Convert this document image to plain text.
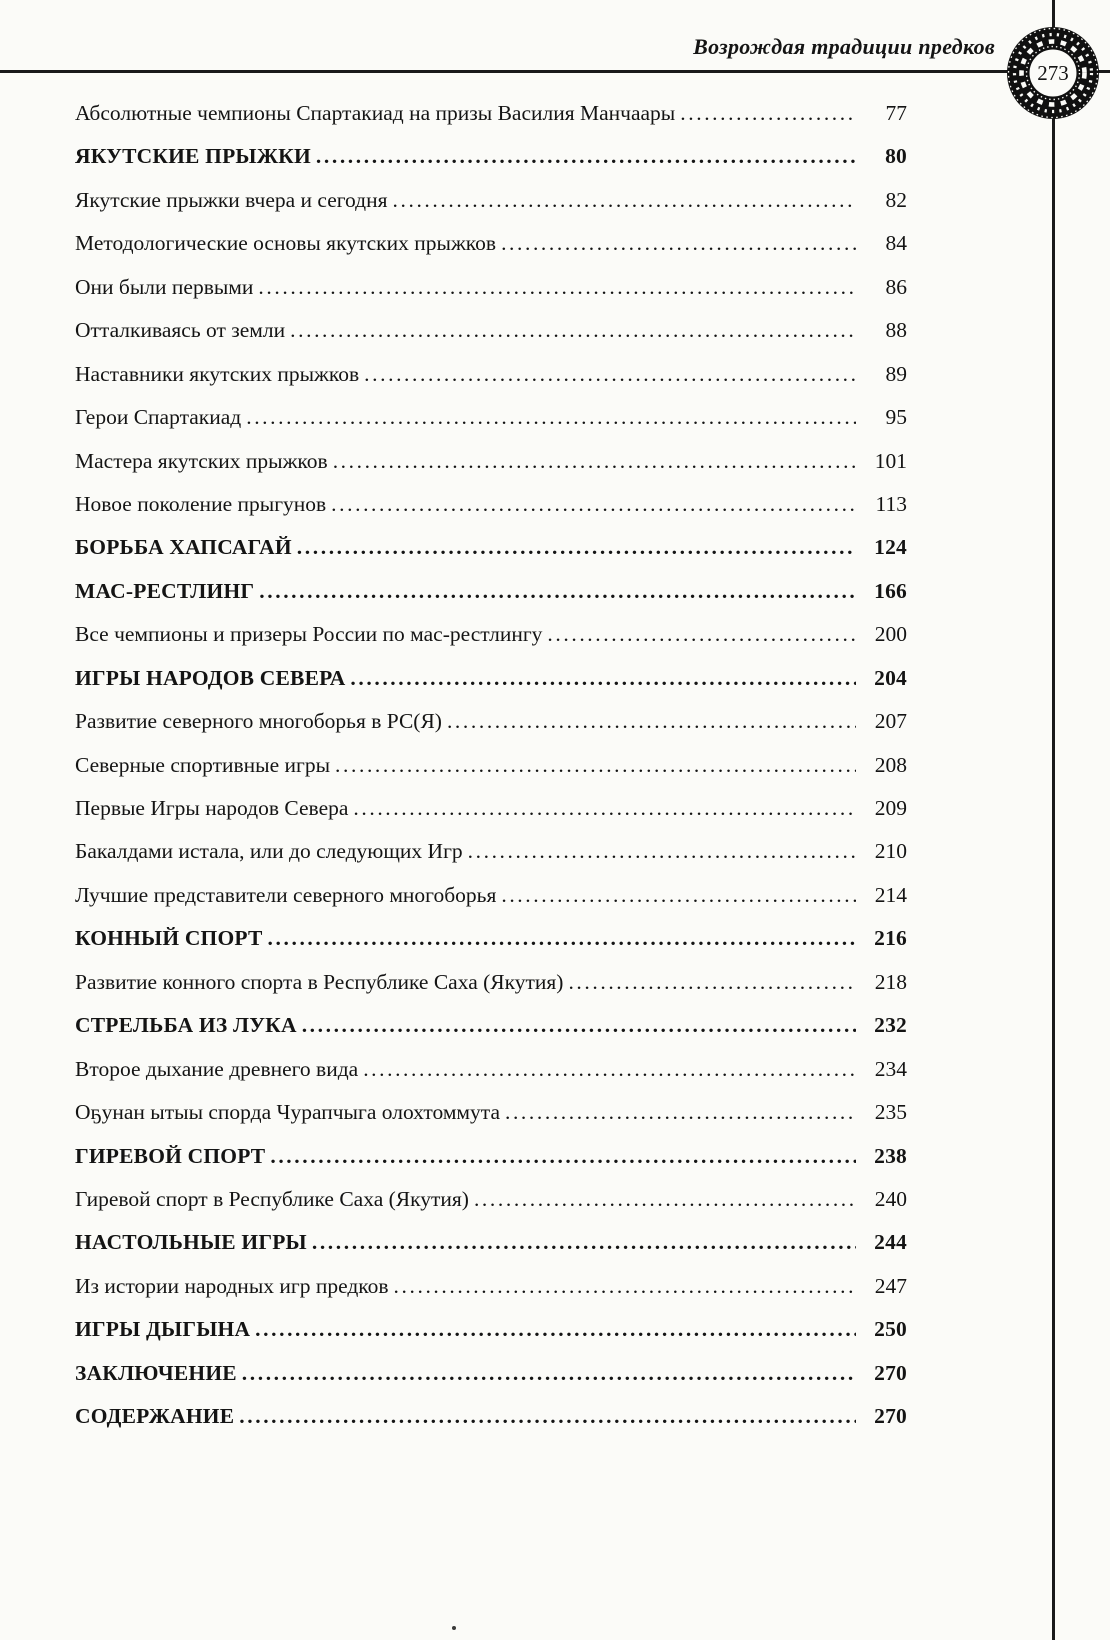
Возрождая традиции предков
273
Абсолютные чемпионы Спартакиад на призы Василия Манчаары .....	77
ЯКУТСКИЕ ПРЫЖКИ .....	80
Якутские прыжки вчера и сегодня .....	82
Методологические основы якутских прыжков .....	84
Они были первыми .....	86
Отталкиваясь от земли .....	88
Наставники якутских прыжков .....	89
Герои Спартакиад .....	95
Мастера якутских прыжков .....	101
Новое поколение прыгунов .....	113
БОРЬБА ХАПСАГАЙ .....	124
МАС-РЕСТЛИНГ .....	166
Все чемпионы и призеры России по мас-рестлингу .....	200
ИГРЫ НАРОДОВ СЕВЕРА .....	204
Развитие северного многоборья в РС(Я) .....	207
Северные спортивные игры .....	208
Первые Игры народов Севера .....	209
Бакалдами истала, или до следующих Игр .....	210
Лучшие представители северного многоборья .....	214
КОННЫЙ СПОРТ .....	216
Развитие конного спорта в Республике Саха (Якутия) .....	218
СТРЕЛЬБА ИЗ ЛУКА .....	232
Второе дыхание древнего вида .....	234
Оҕунан ытыы спорда Чурапчыга олохтоммута .....	235
ГИРЕВОЙ СПОРТ .....	238
Гиревой спорт в Республике Саха (Якутия) .....	240
НАСТОЛЬНЫЕ ИГРЫ .....	244
Из истории народных игр предков .....	247
ИГРЫ ДЫГЫНА .....	250
ЗАКЛЮЧЕНИЕ .....	270
СОДЕРЖАНИЕ .....	270
